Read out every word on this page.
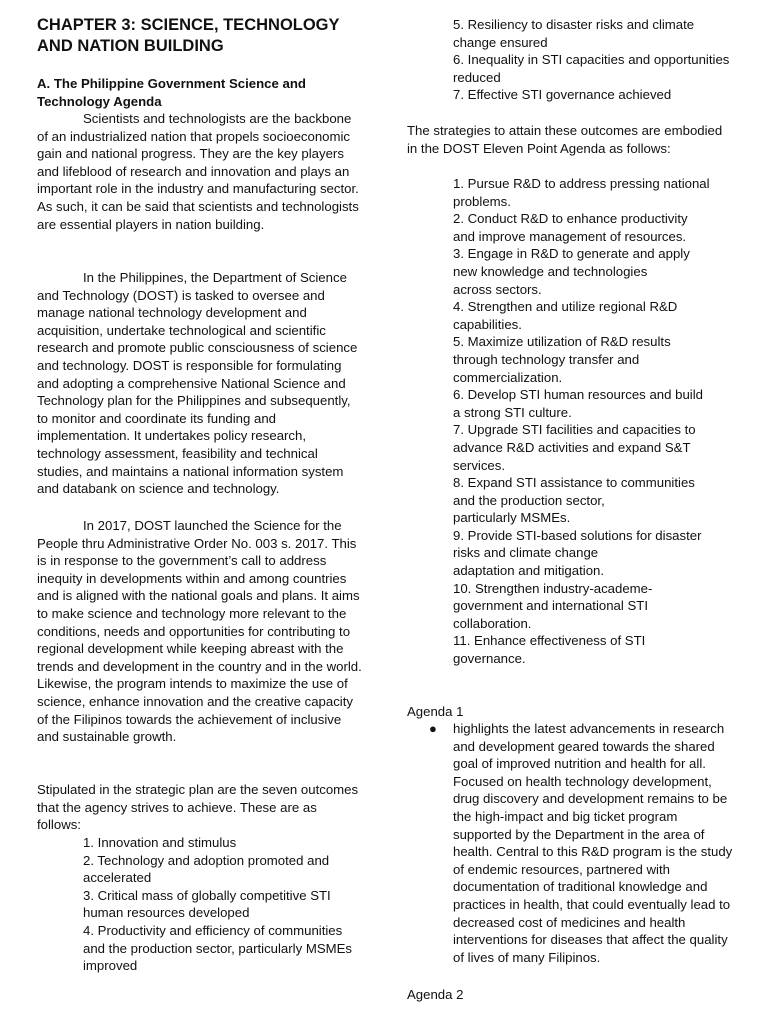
CHAPTER 3: SCIENCE, TECHNOLOGY AND NATION BUILDING
A. The Philippine Government Science and Technology Agenda
Scientists and technologists are the backbone of an industrialized nation that propels socioeconomic gain and national progress. They are the key players and lifeblood of research and innovation and plays an important role in the industry and manufacturing sector. As such, it can be said that scientists and technologists are essential players in nation building.
In the Philippines, the Department of Science and Technology (DOST) is tasked to oversee and manage national technology development and acquisition, undertake technological and scientific research and promote public consciousness of science and technology. DOST is responsible for formulating and adopting a comprehensive National Science and Technology plan for the Philippines and subsequently, to monitor and coordinate its funding and implementation. It undertakes policy research, technology assessment, feasibility and technical studies, and maintains a national information system and databank on science and technology.
In 2017, DOST launched the Science for the People thru Administrative Order No. 003 s. 2017. This is in response to the government’s call to address inequity in developments within and among countries and is aligned with the national goals and plans. It aims to make science and technology more relevant to the conditions, needs and opportunities for contributing to regional development while keeping abreast with the trends and development in the country and in the world. Likewise, the program intends to maximize the use of science, enhance innovation and the creative capacity of the Filipinos towards the achievement of inclusive and sustainable growth.
Stipulated in the strategic plan are the seven outcomes that the agency strives to achieve. These are as follows:
1. Innovation and stimulus
2. Technology and adoption promoted and accelerated
3. Critical mass of globally competitive STI human resources developed
4. Productivity and efficiency of communities and the production sector, particularly MSMEs improved
5. Resiliency to disaster risks and climate change ensured
6. Inequality in STI capacities and opportunities reduced
7. Effective STI governance achieved
The strategies to attain these outcomes are embodied in the DOST Eleven Point Agenda as follows:
1. Pursue R&D to address pressing national
problems.
2. Conduct R&D to enhance productivity
and improve management of resources.
3. Engage in R&D to generate and apply
new knowledge and technologies
across sectors.
4. Strengthen and utilize regional R&D
capabilities.
5. Maximize utilization of R&D results
through technology transfer and
commercialization.
6. Develop STI human resources and build
a strong STI culture.
7. Upgrade STI facilities and capacities to
advance R&D activities and expand S&T
services.
8. Expand STI assistance to communities
and the production sector,
particularly MSMEs.
9. Provide STI-based solutions for disaster
risks and climate change
adaptation and mitigation.
10. Strengthen industry-academe-
government and international STI
collaboration.
11. Enhance effectiveness of STI
governance.
Agenda 1
●	highlights the latest advancements in research and development geared towards the shared goal of improved nutrition and health for all. Focused on health technology development, drug discovery and development remains to be the high-impact and big ticket program supported by the Department in the area of health. Central to this R&D program is the study of endemic resources, partnered with documentation of traditional knowledge and practices in health, that could eventually lead to decreased cost of medicines and health interventions for diseases that affect the quality of lives of many Filipinos.
Agenda 2
